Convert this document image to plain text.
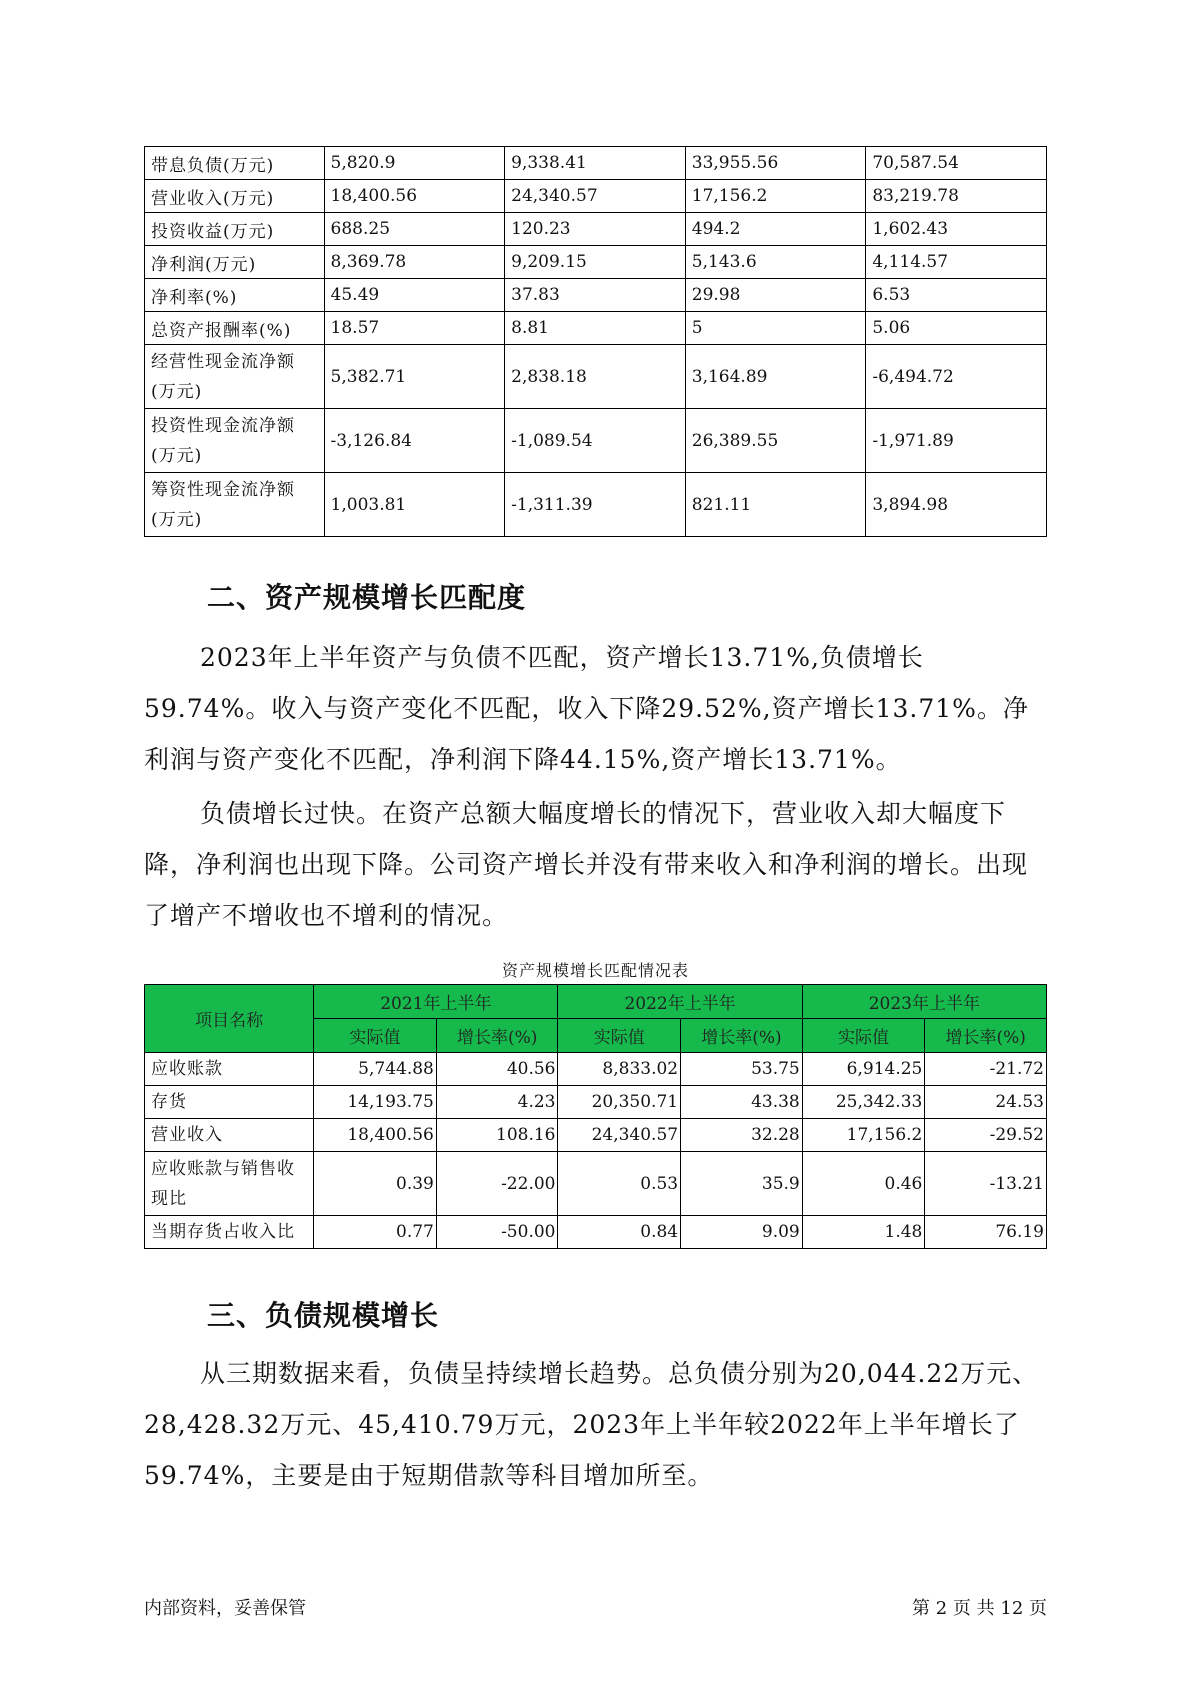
带息负债(万元)	5,820.9	9,338.41	33,955.56	70,587.54
营业收入(万元)	18,400.56	24,340.57	17,156.2	83,219.78
投资收益(万元)	688.25	120.23	494.2	1,602.43
净利润(万元)	8,369.78	9,209.15	5,143.6	4,114.57
净利率(%)	45.49	37.83	29.98	6.53
总资产报酬率(%)	18.57	8.81	5	5.06
经营性现金流净额(万元)	5,382.71	2,838.18	3,164.89	-6,494.72
投资性现金流净额(万元)	-3,126.84	-1,089.54	26,389.55	-1,971.89
筹资性现金流净额(万元)	1,003.81	-1,311.39	821.11	3,894.98
二、资产规模增长匹配度

2023年上半年资产与负债不匹配，资产增长13.71%,负债增长59.74%。收入与资产变化不匹配，收入下降29.52%,资产增长13.71%。净利润与资产变化不匹配，净利润下降44.15%,资产增长13.71%。

负债增长过快。在资产总额大幅度增长的情况下，营业收入却大幅度下降，净利润也出现下降。公司资产增长并没有带来收入和净利润的增长。出现了增产不增收也不增利的情况。

资产规模增长匹配情况表
项目名称	2021年上半年		2022年上半年		2023年上半年	
	实际值	增长率(%)	实际值	增长率(%)	实际值	增长率(%)
应收账款	5,744.88	40.56	8,833.02	53.75	6,914.25	-21.72
存货	14,193.75	4.23	20,350.71	43.38	25,342.33	24.53
营业收入	18,400.56	108.16	24,340.57	32.28	17,156.2	-29.52
应收账款与销售收现比	0.39	-22.00	0.53	35.9	0.46	-13.21
当期存货占收入比	0.77	-50.00	0.84	9.09	1.48	76.19
三、负债规模增长

从三期数据来看，负债呈持续增长趋势。总负债分别为20,044.22万元、28,428.32万元、45,410.79万元，2023年上半年较2022年上半年增长了59.74%，主要是由于短期借款等科目增加所至。

内部资料，妥善保管	第 2 页 共 12 页
